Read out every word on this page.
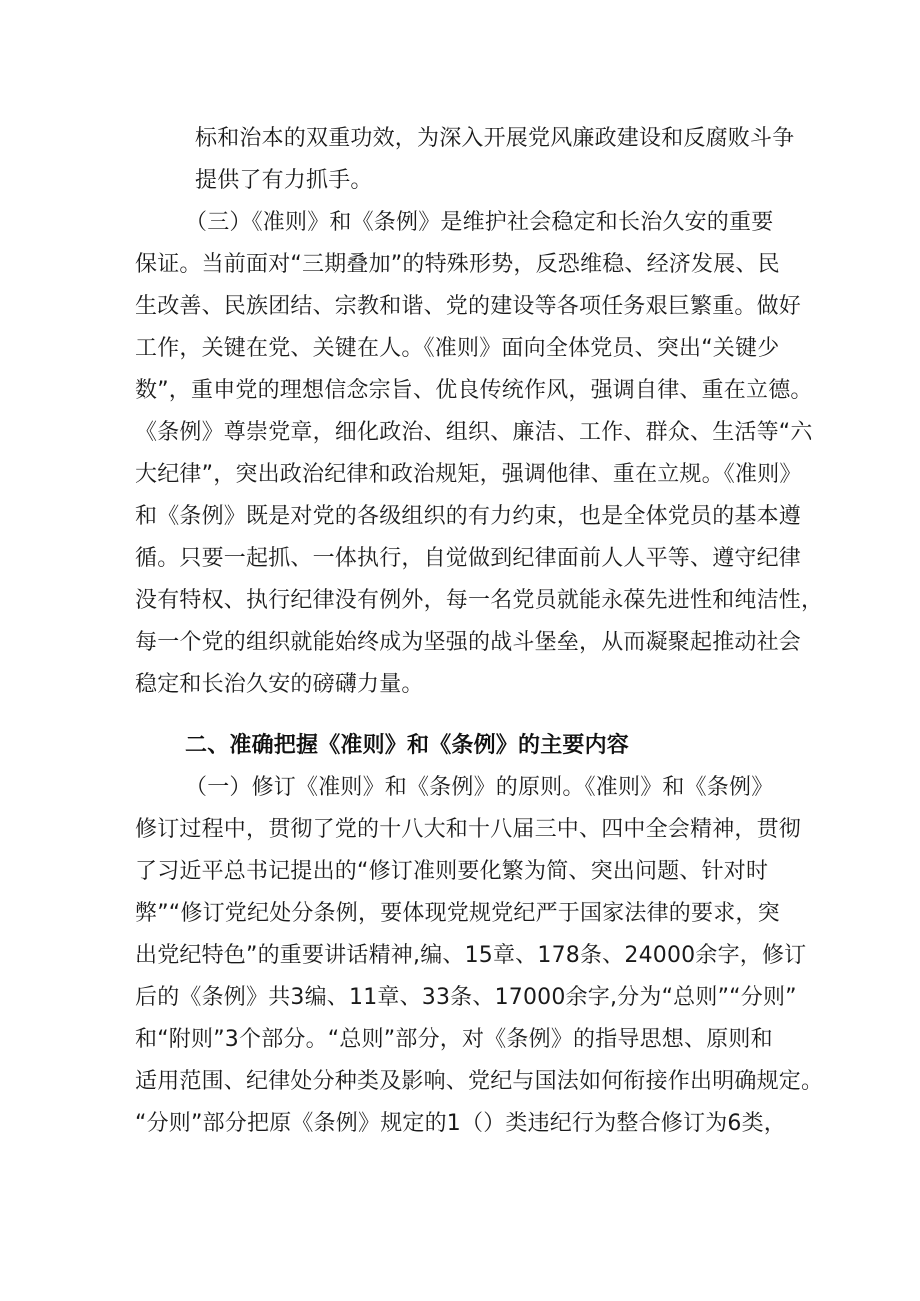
标和治本的双重功效，为深入开展党风廉政建设和反腐败斗争
提供了有力抓手。
（三）《准则》和《条例》是维护社会稳定和长治久安的重要
保证。当前面对“三期叠加”的特殊形势，反恐维稳、经济发展、民
生改善、民族团结、宗教和谐、党的建设等各项任务艰巨繁重。做好
工作，关键在党、关键在人。《准则》面向全体党员、突出“关键少
数”，重申党的理想信念宗旨、优良传统作风，强调自律、重在立德。
《条例》尊崇党章，细化政治、组织、廉洁、工作、群众、生活等“六
大纪律”，突出政治纪律和政治规矩，强调他律、重在立规。《准则》
和《条例》既是对党的各级组织的有力约束，也是全体党员的基本遵
循。只要一起抓、一体执行，自觉做到纪律面前人人平等、遵守纪律
没有特权、执行纪律没有例外，每一名党员就能永葆先进性和纯洁性，
每一个党的组织就能始终成为坚强的战斗堡垒，从而凝聚起推动社会
稳定和长治久安的磅礴力量。
二、准确把握《准则》和《条例》的主要内容
（一）修订《准则》和《条例》的原则。《准则》和《条例》
修订过程中，贯彻了党的十八大和十八届三中、四中全会精神，贯彻
了习近平总书记提出的“修订准则要化繁为简、突出问题、针对时
弊”“修订党纪处分条例，要体现党规党纪严于国家法律的要求，突
出党纪特色”的重要讲话精神,编、15章、178条、24000余字，修订
后的《条例》共3编、11章、33条、17000余字,分为“总则”“分则”
和“附则”3个部分。“总则”部分，对《条例》的指导思想、原则和
适用范围、纪律处分种类及影响、党纪与国法如何衔接作出明确规定。
“分则”部分把原《条例》规定的1（）类违纪行为整合修订为6类，
